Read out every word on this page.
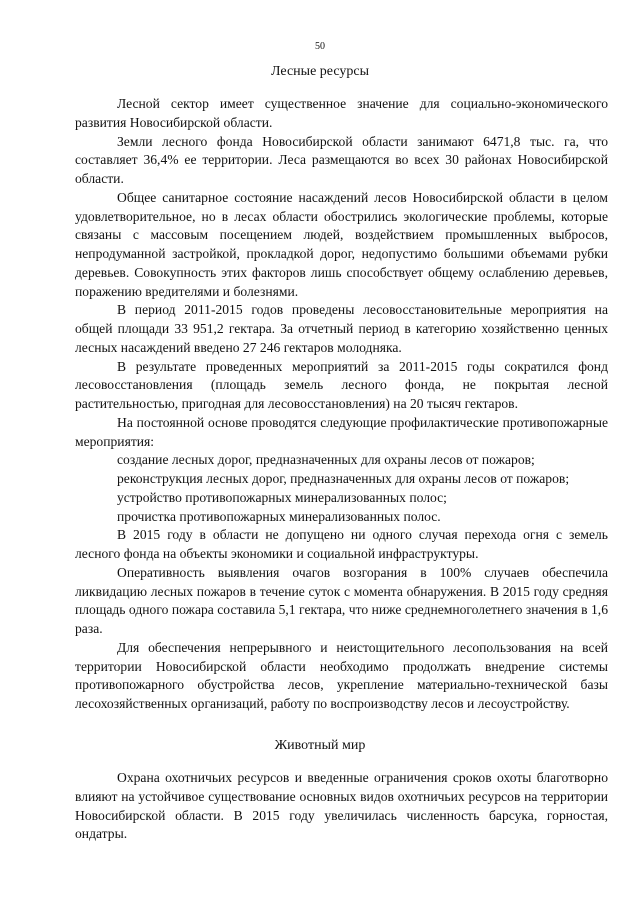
50
Лесные ресурсы

Лесной сектор имеет существенное значение для социально-экономического развития Новосибирской области.

Земли лесного фонда Новосибирской области занимают 6471,8 тыс. га, что составляет 36,4% ее территории. Леса размещаются во всех 30 районах Новосибирской области.

Общее санитарное состояние насаждений лесов Новосибирской области в целом удовлетворительное, но в лесах области обострились экологические проблемы, которые связаны с массовым посещением людей, воздействием промышленных выбросов, непродуманной застройкой, прокладкой дорог, недопустимо большими объемами рубки деревьев. Совокупность этих факторов лишь способствует общему ослаблению деревьев, поражению вредителями и болезнями.

В период 2011-2015 годов проведены лесовосстановительные мероприятия на общей площади 33 951,2 гектара. За отчетный период в категорию хозяйственно ценных лесных насаждений введено 27 246 гектаров молодняка.

В результате проведенных мероприятий за 2011-2015 годы сократился фонд лесовосстановления (площадь земель лесного фонда, не покрытая лесной растительностью, пригодная для лесовосстановления) на 20 тысяч гектаров.

На постоянной основе проводятся следующие профилактические противопожарные мероприятия:

создание лесных дорог, предназначенных для охраны лесов от пожаров;

реконструкция лесных дорог, предназначенных для охраны лесов от пожаров;

устройство противопожарных минерализованных полос;

прочистка противопожарных минерализованных полос.

В 2015 году в области не допущено ни одного случая перехода огня с земель лесного фонда на объекты экономики и социальной инфраструктуры.

Оперативность выявления очагов возгорания в 100% случаев обеспечила ликвидацию лесных пожаров в течение суток с момента обнаружения. В 2015 году средняя площадь одного пожара составила 5,1 гектара, что ниже среднемноголетнего значения в 1,6 раза.

Для обеспечения непрерывного и неистощительного лесопользования на всей территории Новосибирской области необходимо продолжать внедрение системы противопожарного обустройства лесов, укрепление материально-технической базы лесохозяйственных организаций, работу по воспроизводству лесов и лесоустройству.

Животный мир

Охрана охотничьих ресурсов и введенные ограничения сроков охоты благотворно влияют на устойчивое существование основных видов охотничьих ресурсов на территории Новосибирской области. В 2015 году увеличилась численность барсука, горностая, ондатры.
